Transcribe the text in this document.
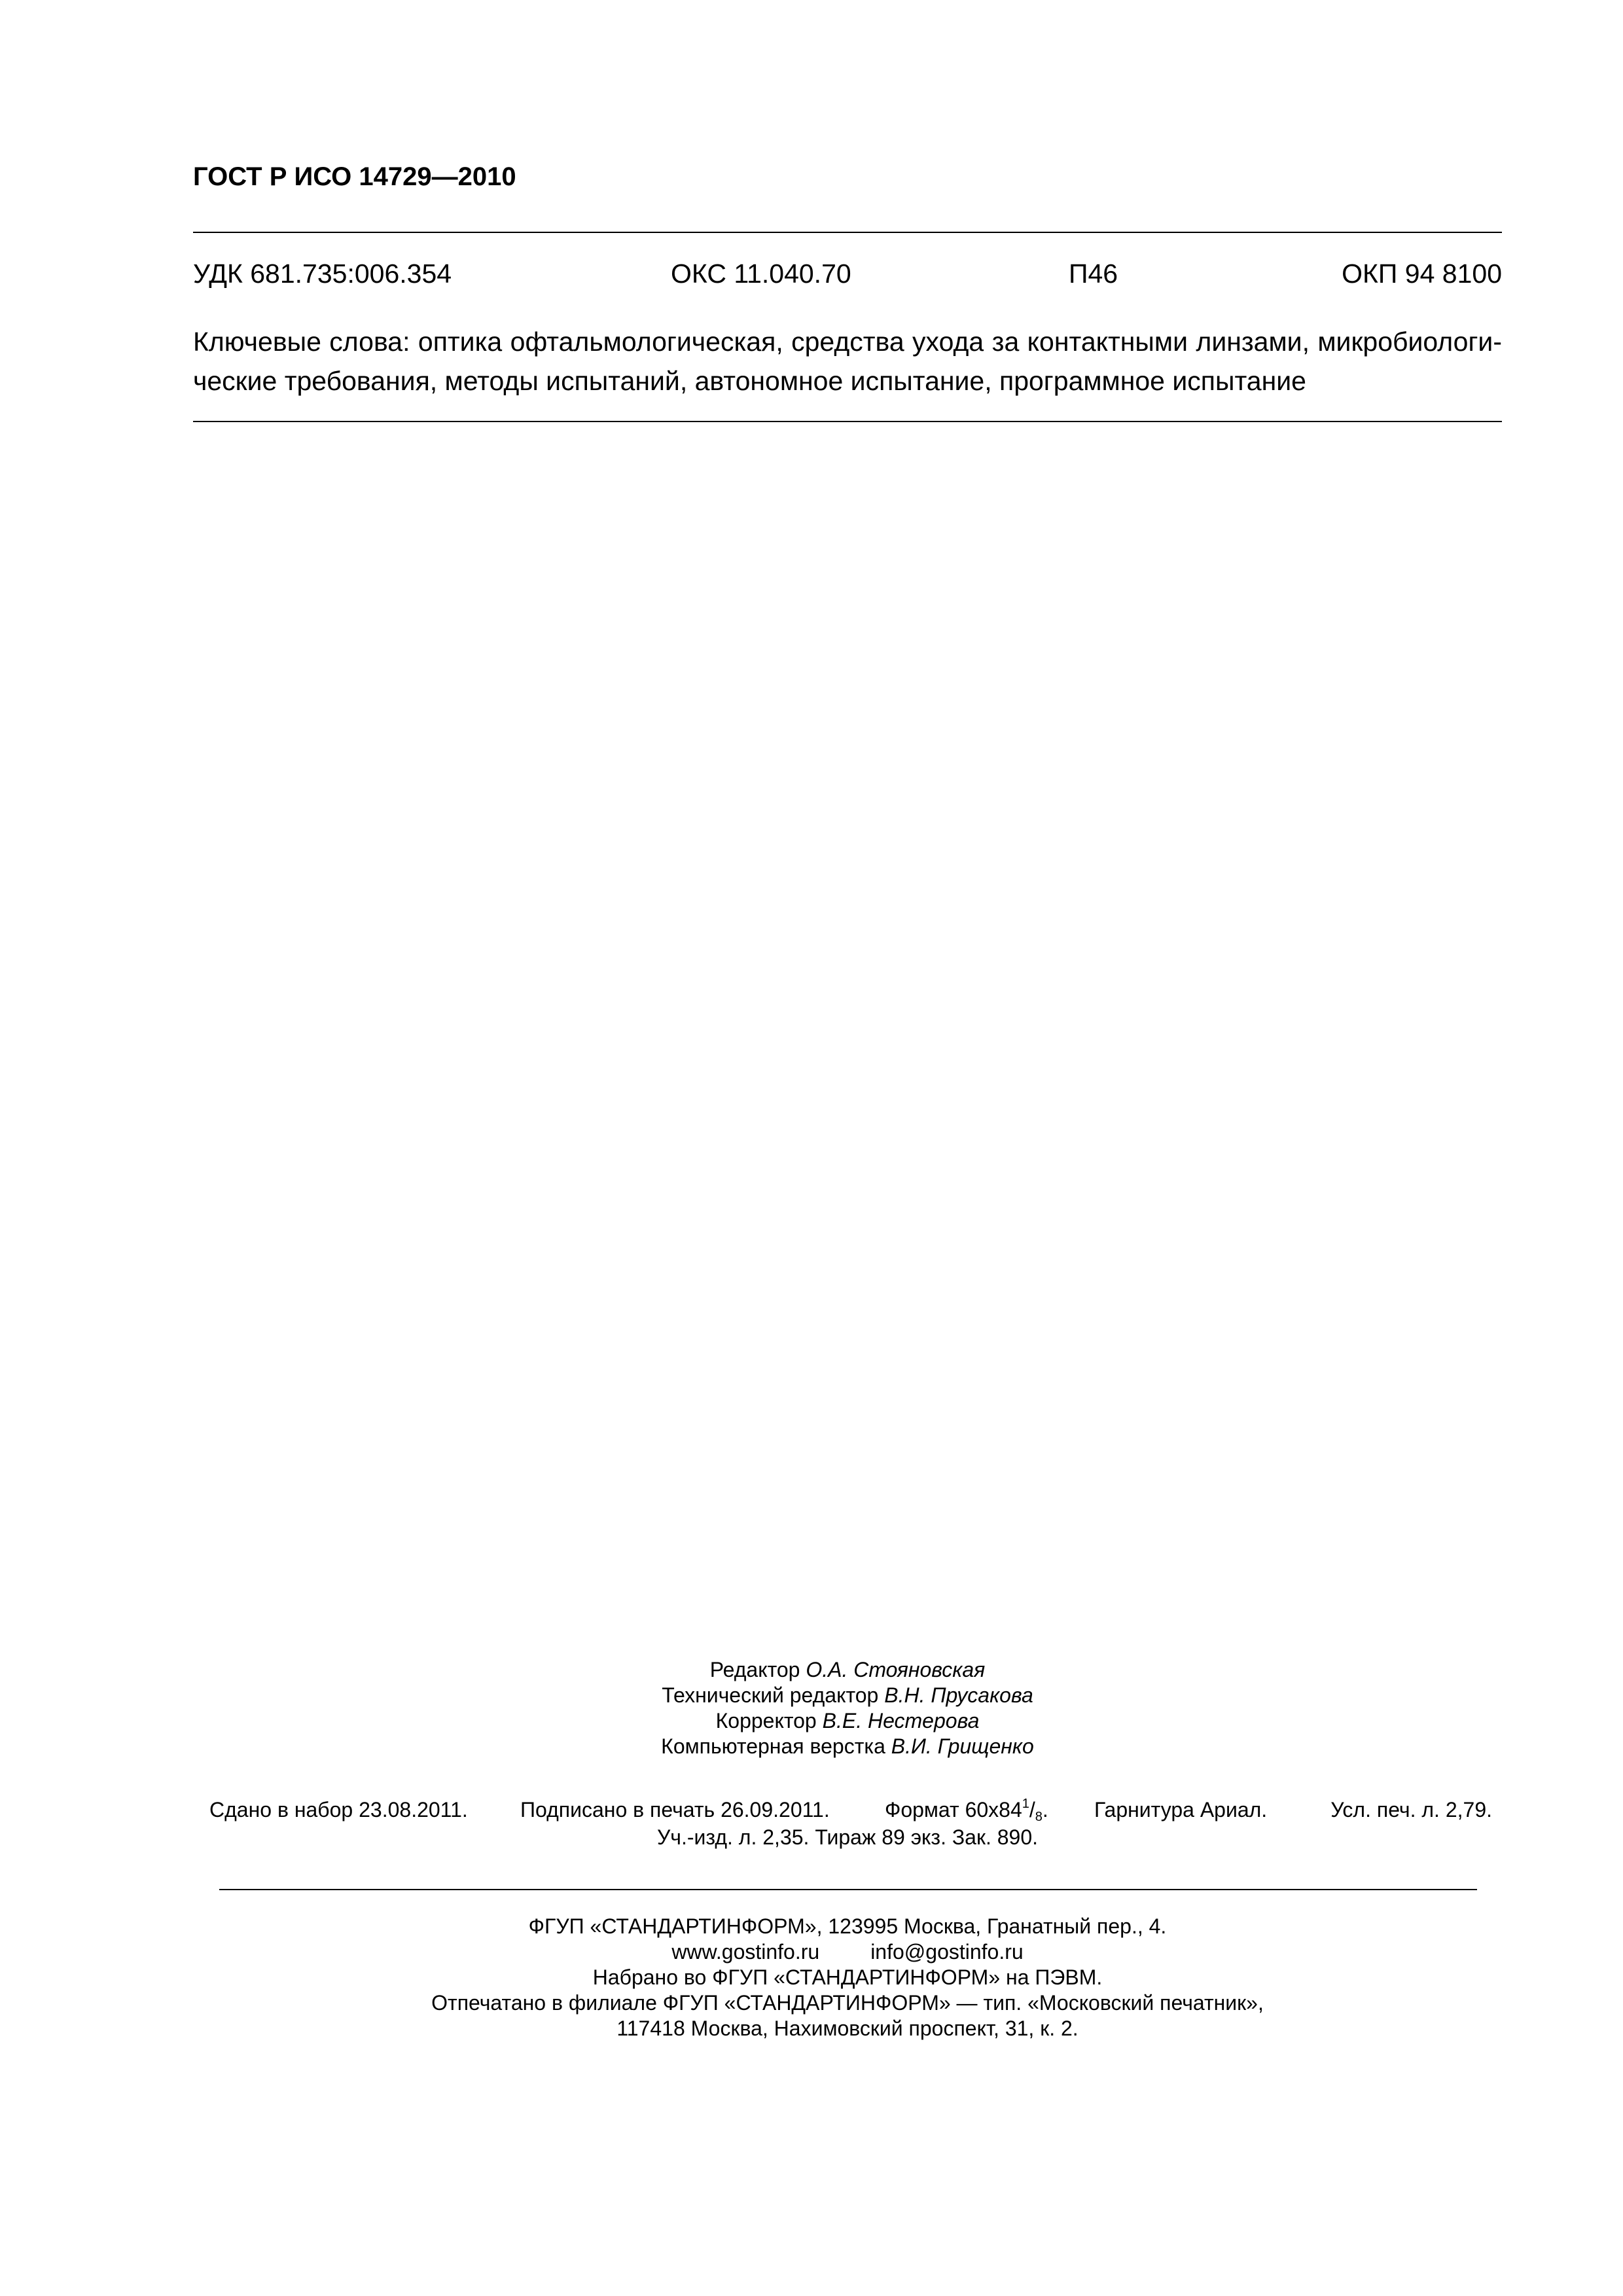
ГОСТ Р ИСО 14729—2010
УДК 681.735:006.354	ОКС 11.040.70	П46	ОКП 94 8100
Ключевые слова: оптика офтальмологическая, средства ухода за контактными линзами, микробиологи-
ческие требования, методы испытаний, автономное испытание, программное испытание
Редактор О.А. Стояновская
Технический редактор В.Н. Прусакова
Корректор В.Е. Нестерова
Компьютерная верстка В.И. Грищенко
Сдано в набор 23.08.2011.	Подписано в печать 26.09.2011.	Формат $60x84^1/_8$. Гарнитура Ариал.	Усл. печ. л. 2,79.
Уч.-изд. л. 2,35. Тираж 89 экз. Зак. 890.
ФГУП «СТАНДАРТИНФОРМ», 123995 Москва, Гранатный пер., 4.
www.gostinfo.ru info@gostinfo.ru
Набрано во ФГУП «СТАНДАРТИНФОРМ» на ПЭВМ.
Отпечатано в филиале ФГУП «СТАНДАРТИНФОРМ» — тип. «Московский печатник»,
117418 Москва, Нахимовский проспект, 31, к. 2.
